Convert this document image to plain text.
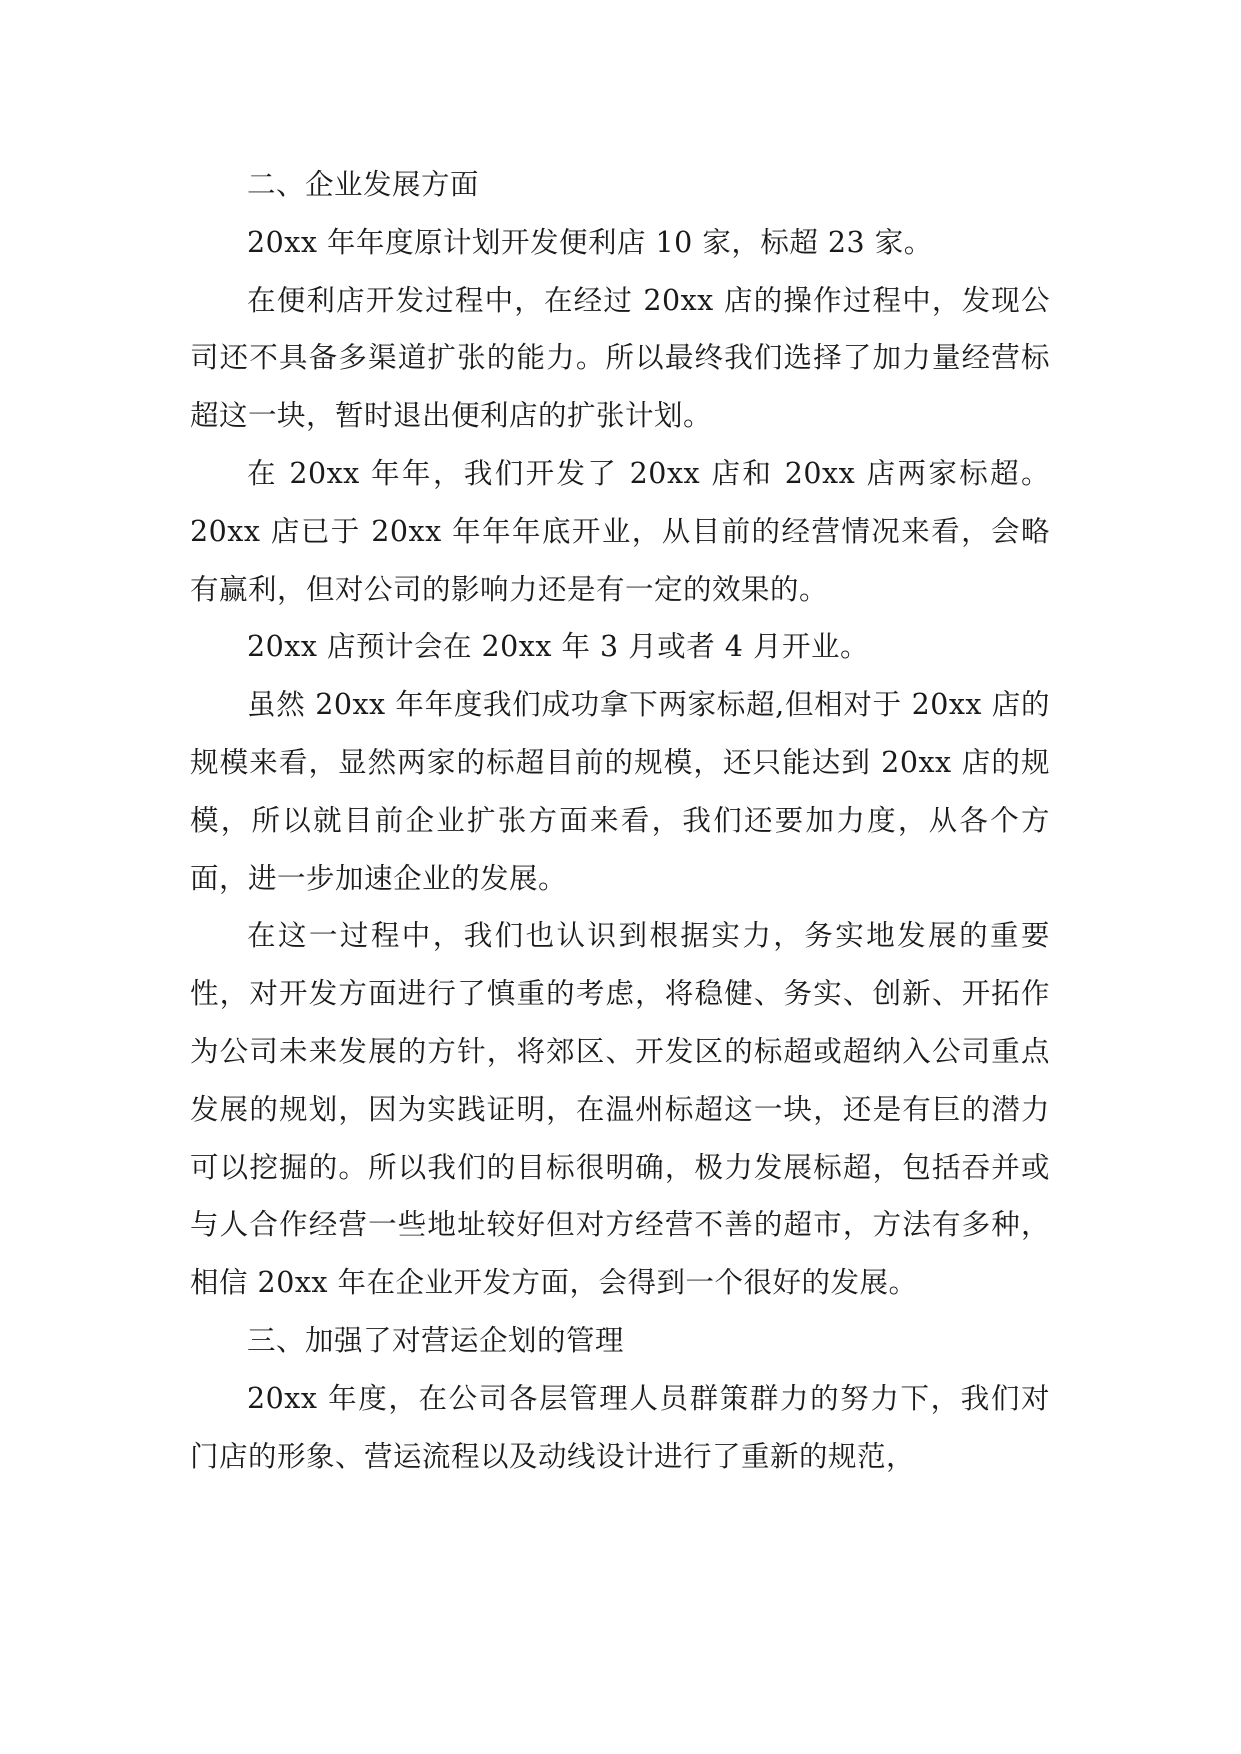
二、企业发展方面

20xx 年年度原计划开发便利店 10 家，标超 23 家。

在便利店开发过程中，在经过 20xx 店的操作过程中，发现公司还不具备多渠道扩张的能力。所以最终我们选择了加力量经营标超这一块，暂时退出便利店的扩张计划。

在 20xx 年年，我们开发了 20xx 店和 20xx 店两家标超。20xx 店已于 20xx 年年年底开业，从目前的经营情况来看，会略有赢利，但对公司的影响力还是有一定的效果的。

20xx 店预计会在 20xx 年 3 月或者 4 月开业。

虽然 20xx 年年度我们成功拿下两家标超,但相对于 20xx 店的规模来看，显然两家的标超目前的规模，还只能达到 20xx 店的规模，所以就目前企业扩张方面来看，我们还要加力度，从各个方面，进一步加速企业的发展。

在这一过程中，我们也认识到根据实力，务实地发展的重要性，对开发方面进行了慎重的考虑，将稳健、务实、创新、开拓作为公司未来发展的方针，将郊区、开发区的标超或超纳入公司重点发展的规划，因为实践证明，在温州标超这一块，还是有巨的潜力可以挖掘的。所以我们的目标很明确，极力发展标超，包括吞并或与人合作经营一些地址较好但对方经营不善的超市，方法有多种，相信 20xx 年在企业开发方面，会得到一个很好的发展。

三、加强了对营运企划的管理

20xx 年度，在公司各层管理人员群策群力的努力下，我们对门店的形象、营运流程以及动线设计进行了重新的规范，
